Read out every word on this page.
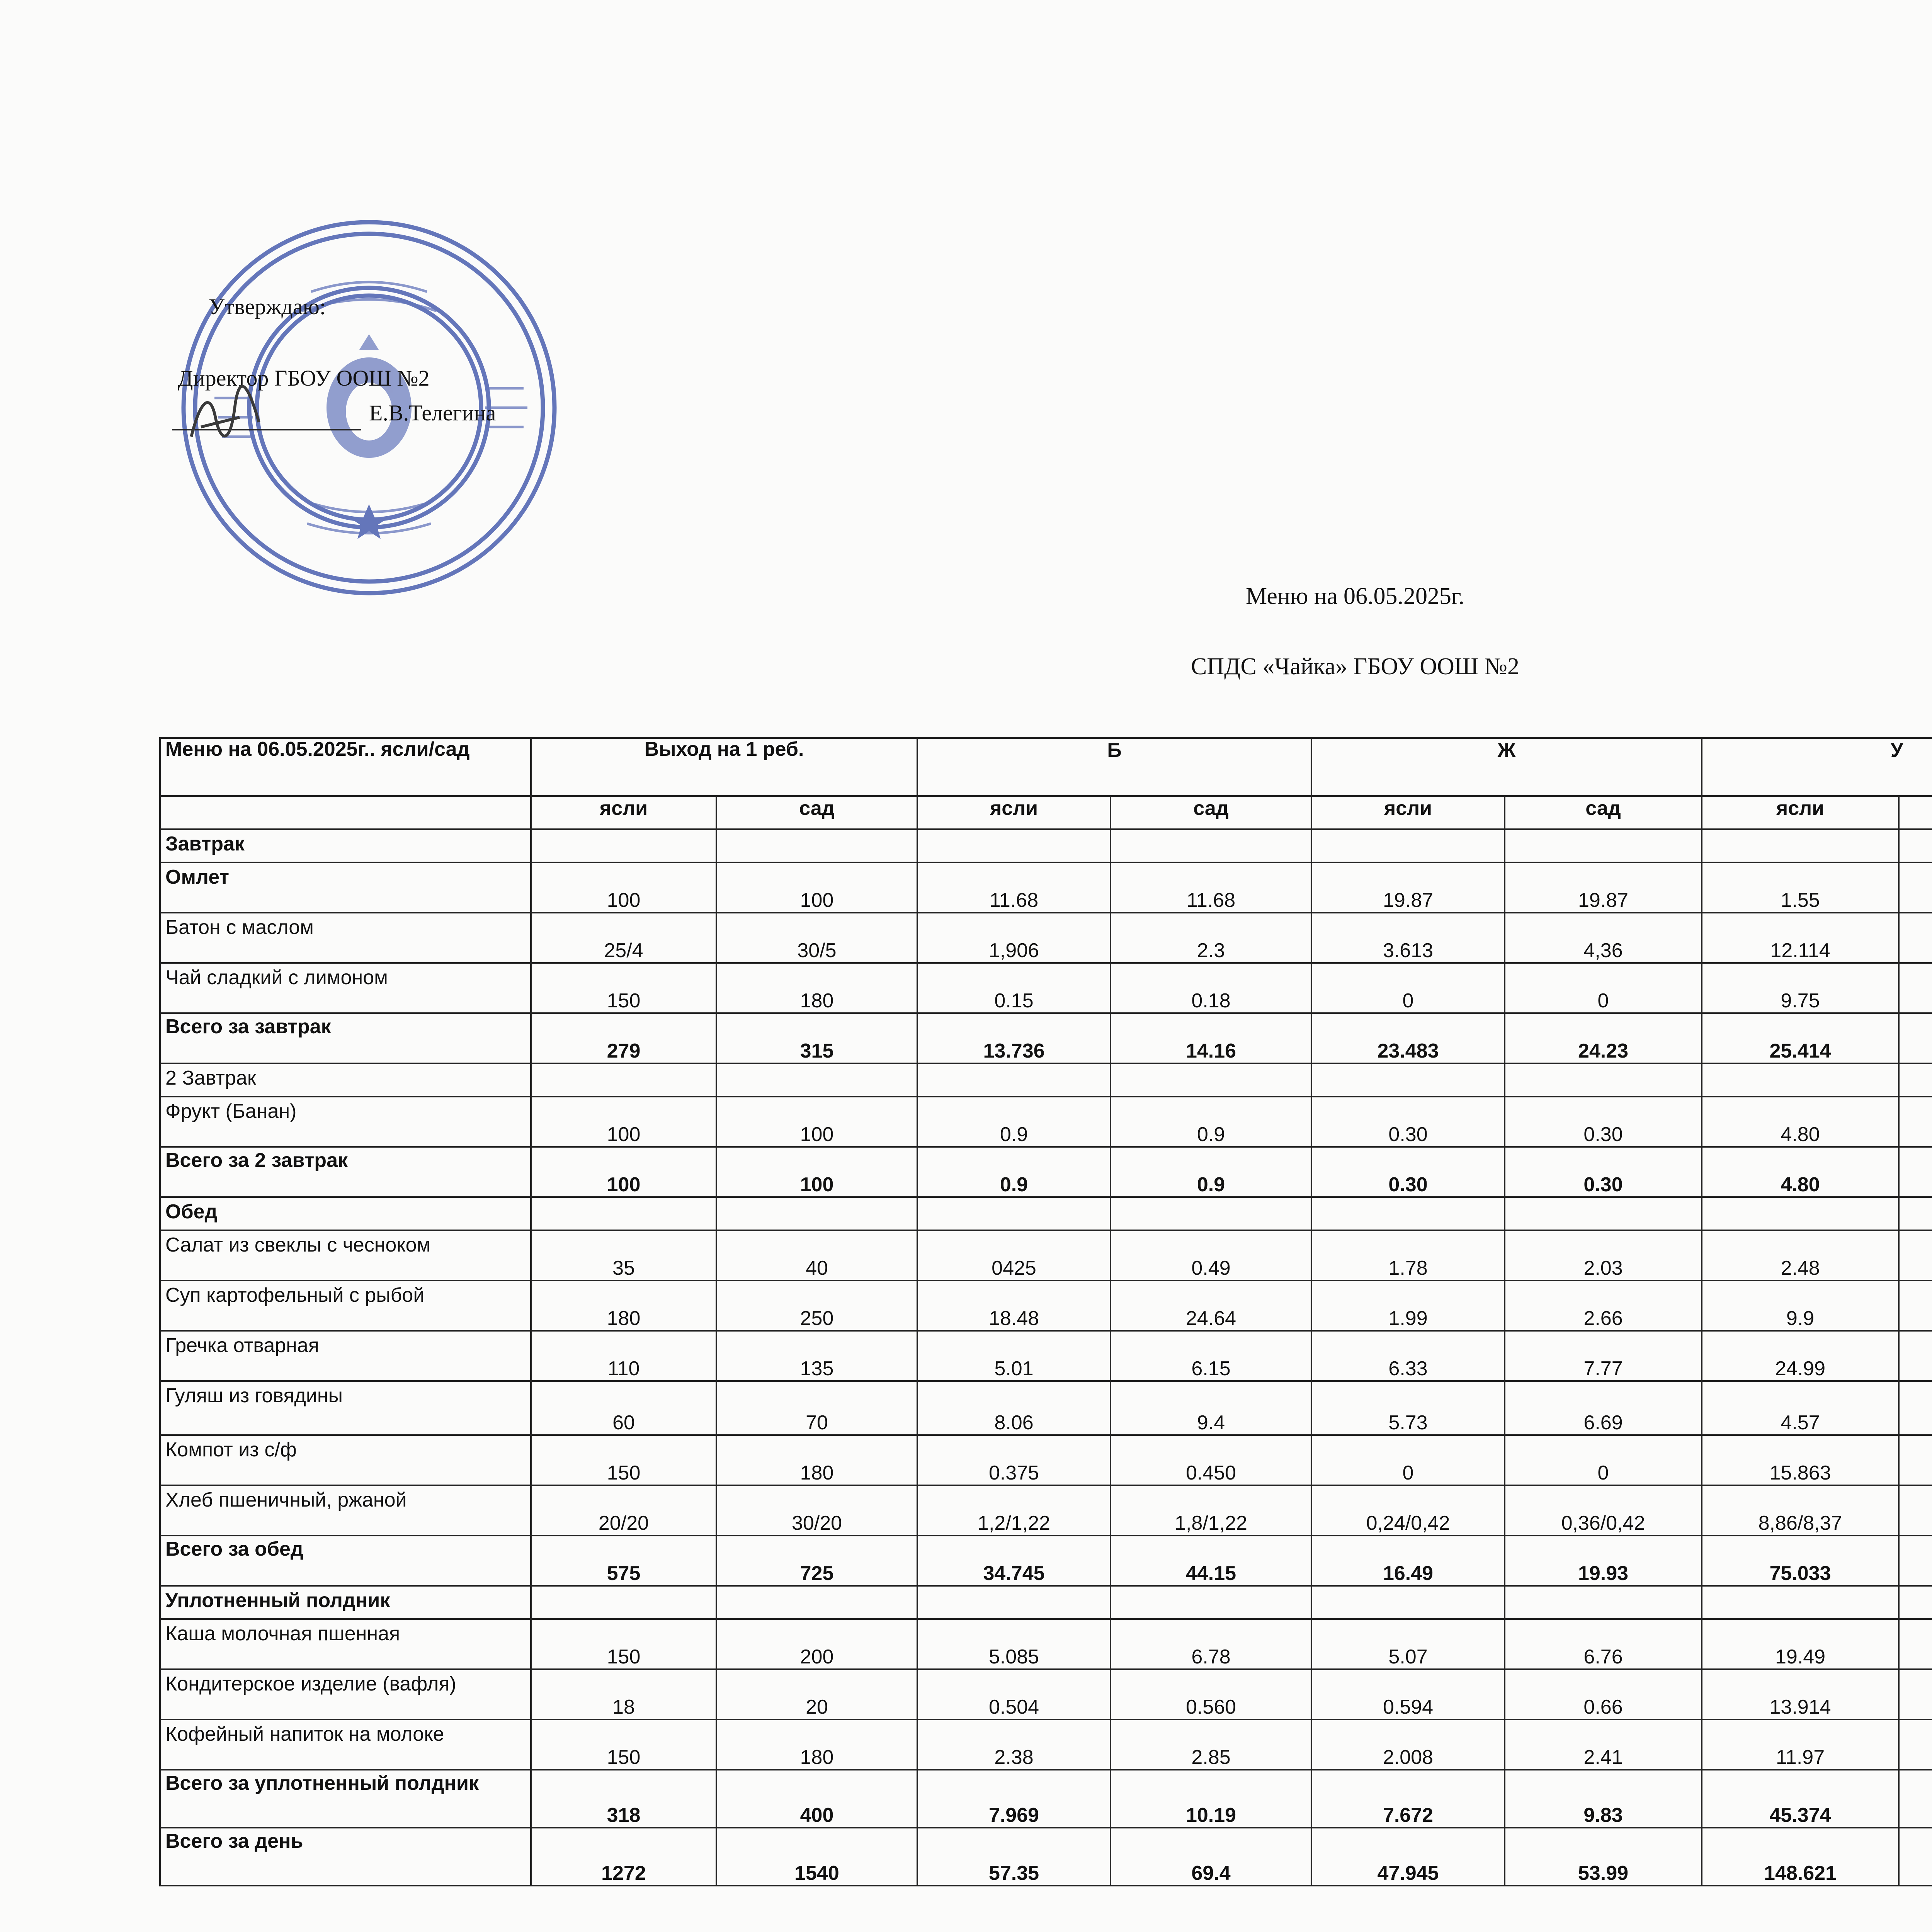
Утверждаю:
Директор ГБОУ ООШ №2
Е.В.Телегина
Меню на 06.05.2025г.
СПДС «Чайка» ГБОУ ООШ №2
Меню на 06.05.2025г.. ясли/сад	Выход на 1 реб.		Б		Ж		У	
	ясли	сад	ясли	сад	ясли	сад	ясли			
Завтрак										
Омлет	100	100	11.68	11.68	19.87	19.87	1.55			
Батон с маслом	25/4	30/5	1,906	2.3	3.613	4,36	12.114			
Чай сладкий с лимоном	150	180	0.15	0.18	0	0	9.75			
Всего за завтрак	279	315	13.736	14.16	23.483	24.23	25.414			
2 Завтрак										
Фрукт (Банан)	100	100	0.9	0.9	0.30	0.30	4.80			
Всего за 2 завтрак	100	100	0.9	0.9	0.30	0.30	4.80			
Обед										
Салат из свеклы с чесноком	35	40	0425	0.49	1.78	2.03	2.48			
Суп картофельный с рыбой	180	250	18.48	24.64	1.99	2.66	9.9			
Гречка отварная	110	135	5.01	6.15	6.33	7.77	24.99			
Гуляш из говядины	60	70	8.06	9.4	5.73	6.69	4.57			
Компот из с/ф	150	180	0.375	0.450	0	0	15.863			
Хлеб пшеничный, ржаной	20/20	30/20	1,2/1,22	1,8/1,22	0,24/0,42	0,36/0,42	8,86/8,37			
Всего за обед	575	725	34.745	44.15	16.49	19.93	75.033			
Уплотненный полдник										
Каша молочная пшенная	150	200	5.085	6.78	5.07	6.76	19.49			
Кондитерское изделие (вафля)	18	20	0.504	0.560	0.594	0.66	13.914			
Кофейный напиток на молоке	150	180	2.38	2.85	2.008	2.41	11.97			
Всего за уплотненный полдник	318	400	7.969	10.19	7.672	9.83	45.374			
Всего за день	1272	1540	57.35	69.4	47.945	53.99	148.621			
